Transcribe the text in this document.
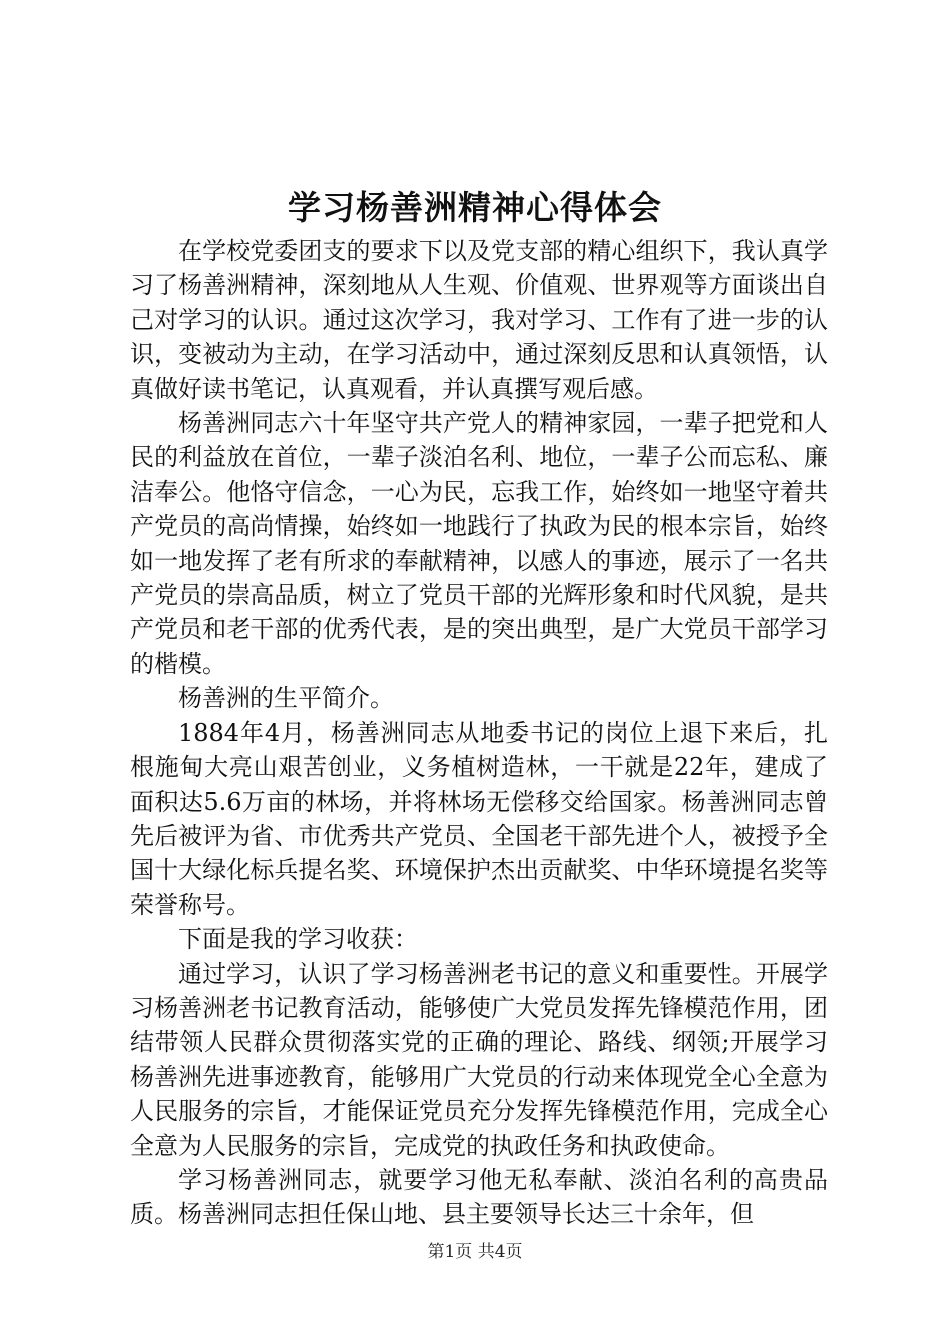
学习杨善洲精神心得体会

在学校党委团支的要求下以及党支部的精心组织下，我认真学习了杨善洲精神，深刻地从人生观、价值观、世界观等方面谈出自己对学习的认识。通过这次学习，我对学习、工作有了进一步的认识，变被动为主动，在学习活动中，通过深刻反思和认真领悟，认真做好读书笔记，认真观看，并认真撰写观后感。

杨善洲同志六十年坚守共产党人的精神家园，一辈子把党和人民的利益放在首位，一辈子淡泊名利、地位，一辈子公而忘私、廉洁奉公。他恪守信念，一心为民，忘我工作，始终如一地坚守着共产党员的高尚情操，始终如一地践行了执政为民的根本宗旨，始终如一地发挥了老有所求的奉献精神，以感人的事迹，展示了一名共产党员的崇高品质，树立了党员干部的光辉形象和时代风貌，是共产党员和老干部的优秀代表，是的突出典型，是广大党员干部学习的楷模。

杨善洲的生平简介。

1884年4月，杨善洲同志从地委书记的岗位上退下来后，扎根施甸大亮山艰苦创业，义务植树造林，一干就是22年，建成了面积达5.6万亩的林场，并将林场无偿移交给国家。杨善洲同志曾先后被评为省、市优秀共产党员、全国老干部先进个人，被授予全国十大绿化标兵提名奖、环境保护杰出贡献奖、中华环境提名奖等荣誉称号。

下面是我的学习收获：

通过学习，认识了学习杨善洲老书记的意义和重要性。开展学习杨善洲老书记教育活动，能够使广大党员发挥先锋模范作用，团结带领人民群众贯彻落实党的正确的理论、路线、纲领;开展学习杨善洲先进事迹教育，能够用广大党员的行动来体现党全心全意为人民服务的宗旨，才能保证党员充分发挥先锋模范作用，完成全心全意为人民服务的宗旨，完成党的执政任务和执政使命。

学习杨善洲同志，就要学习他无私奉献、淡泊名利的高贵品质。杨善洲同志担任保山地、县主要领导长达三十余年，但

第1页 共4页
